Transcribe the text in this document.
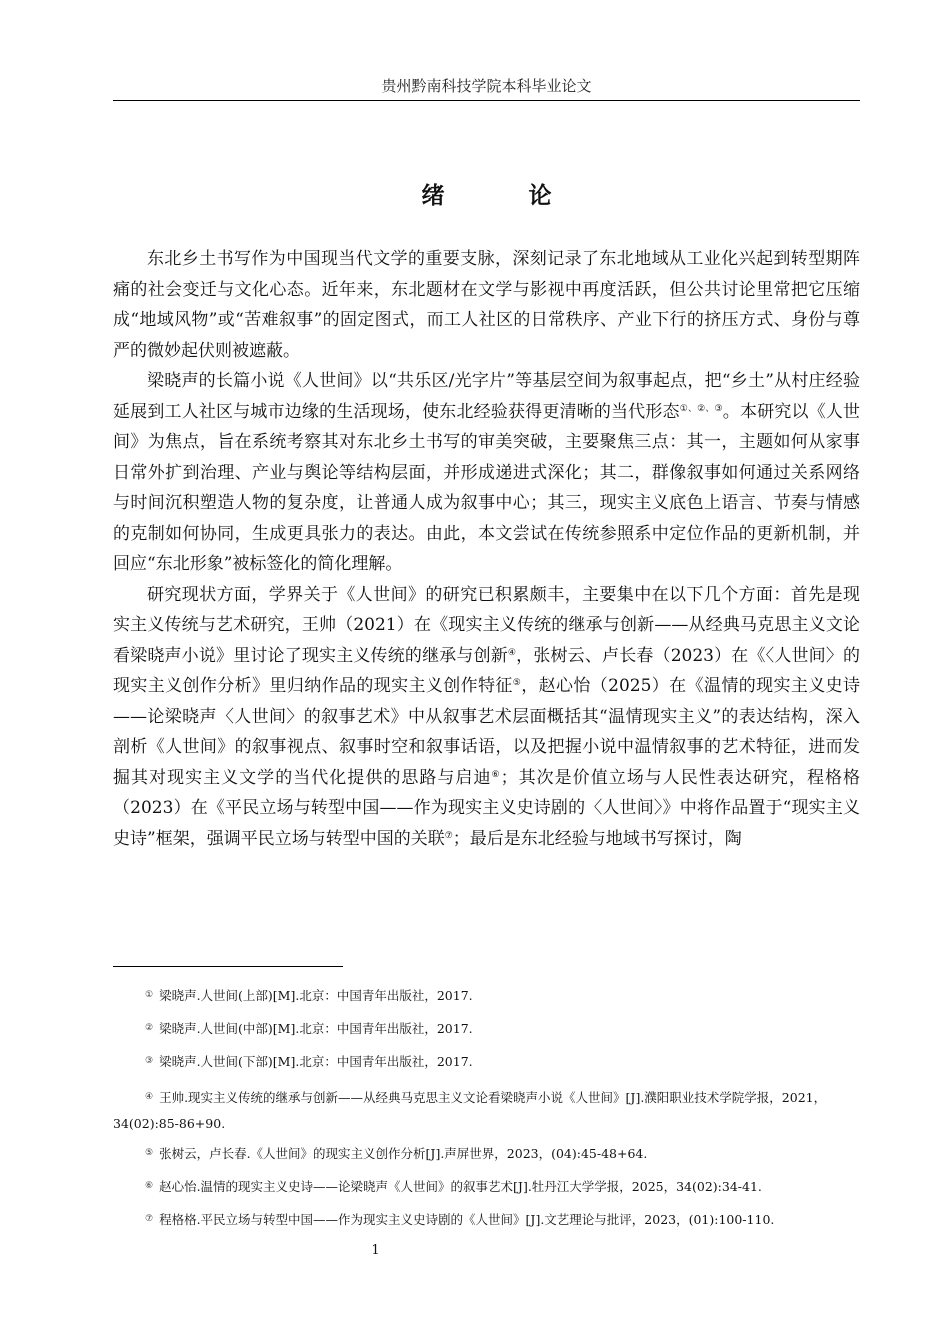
贵州黔南科技学院本科毕业论文
绪 论

东北乡土书写作为中国现当代文学的重要支脉，深刻记录了东北地域从工业化兴起到转型期阵痛的社会变迁与文化心态。近年来，东北题材在文学与影视中再度活跃，但公共讨论里常把它压缩成“地域风物”或“苦难叙事”的固定图式，而工人社区的日常秩序、产业下行的挤压方式、身份与尊严的微妙起伏则被遮蔽。

梁晓声的长篇小说《人世间》以“共乐区/光字片”等基层空间为叙事起点，把“乡土”从村庄经验延展到工人社区与城市边缘的生活现场，使东北经验获得更清晰的当代形态①、②、③。本研究以《人世间》为焦点，旨在系统考察其对东北乡土书写的审美突破，主要聚焦三点：其一，主题如何从家事日常外扩到治理、产业与舆论等结构层面，并形成递进式深化；其二，群像叙事如何通过关系网络与时间沉积塑造人物的复杂度，让普通人成为叙事中心；其三，现实主义底色上语言、节奏与情感的克制如何协同，生成更具张力的表达。由此，本文尝试在传统参照系中定位作品的更新机制，并回应“东北形象”被标签化的简化理解。

研究现状方面，学界关于《人世间》的研究已积累颇丰，主要集中在以下几个方面：首先是现实主义传统与艺术研究，王帅（2021）在《现实主义传统的继承与创新——从经典马克思主义文论看梁晓声小说》里讨论了现实主义传统的继承与创新④，张树云、卢长春（2023）在《〈人世间〉的现实主义创作分析》里归纳作品的现实主义创作特征⑤，赵心怡（2025）在《温情的现实主义史诗——论梁晓声〈人世间〉的叙事艺术》中从叙事艺术层面概括其“温情现实主义”的表达结构，深入剖析《人世间》的叙事视点、叙事时空和叙事话语，以及把握小说中温情叙事的艺术特征，进而发掘其对现实主义文学的当代化提供的思路与启迪⑥；其次是价值立场与人民性表达研究，程格格（2023）在《平民立场与转型中国——作为现实主义史诗剧的〈人世间〉》中将作品置于“现实主义史诗”框架，强调平民立场与转型中国的关联⑦；最后是东北经验与地域书写探讨，陶

① 梁晓声.人世间(上部)[M].北京：中国青年出版社，2017.

② 梁晓声.人世间(中部)[M].北京：中国青年出版社，2017.

③ 梁晓声.人世间(下部)[M].北京：中国青年出版社，2017.

④ 王帅.现实主义传统的继承与创新——从经典马克思主义文论看梁晓声小说《人世间》[J].濮阳职业技术学院学报，2021，34(02):85-86+90.

⑤ 张树云，卢长春.《人世间》的现实主义创作分析[J].声屏世界，2023，(04):45-48+64.

⑥ 赵心怡.温情的现实主义史诗——论梁晓声《人世间》的叙事艺术[J].牡丹江大学学报，2025，34(02):34-41.

⑦ 程格格.平民立场与转型中国——作为现实主义史诗剧的《人世间》[J].文艺理论与批评，2023，(01):100-110.

1
